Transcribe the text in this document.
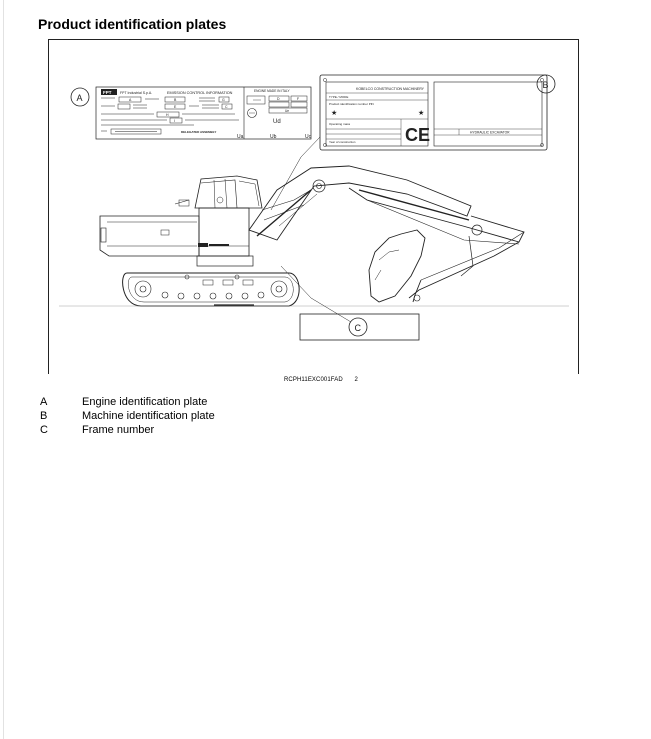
Product identification plates
FPT FPT Industrial S.p.A.	EMISSION CONTROL INFORMATION	ENGINE MADE IN ITALY
A	B	G	D	F
E	C
Ue
H
I	Ud
DELEGATED ASSEMBLY
Ua	Ub	Uc
A
KOBELCO CONSTRUCTION MACHINERY
TYPE / MODE
Product identification number PIN
★	★
Operating mass
Year of construction	CE	HYDRAULIC EXCAVATOR
B
C
RCPH11EXC001FAD 2
A	Engine identification plate
B	Machine identification plate
C	Frame number
